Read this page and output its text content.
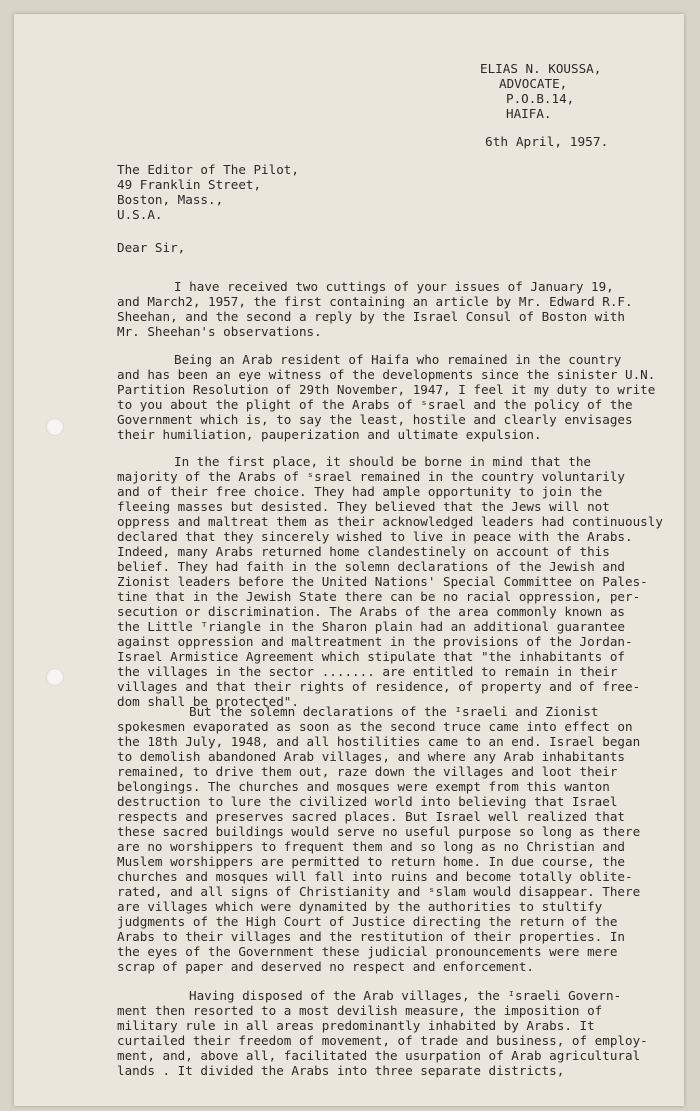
ELIAS N. KOUSSA,
ADVOCATE,
P.O.B.14,
HAIFA.
6th April, 1957.
The Editor of The Pilot,
49 Franklin Street,
Boston, Mass.,
U.S.A.
Dear Sir,
I have received two cuttings of your issues of January 19,
and March2, 1957, the first containing an article by Mr. Edward R.F.
Sheehan, and the second a reply by the Israel Consul of Boston with
Mr. Sheehan's observations.
Being an Arab resident of Haifa who remained in the country
and has been an eye witness of the developments since the sinister U.N.
Partition Resolution of 29th November, 1947, I feel it my duty to write
to you about the plight of the Arabs of ˢsrael and the policy of the
Government which is, to say the least, hostile and clearly envisages
their humiliation, pauperization and ultimate expulsion.
In the first place, it should be borne in mind that the
majority of the Arabs of ˢsrael remained in the country voluntarily
and of their free choice. They had ample opportunity to join the
fleeing masses but desisted. They believed that the Jews will not
oppress and maltreat them as their acknowledged leaders had continuously
declared that they sincerely wished to live in peace with the Arabs.
Indeed, many Arabs returned home clandestinely on account of this
belief. They had faith in the solemn declarations of the Jewish and
Zionist leaders before the United Nations' Special Committee on Pales-
tine that in the Jewish State there can be no racial oppression, per-
secution or discrimination. The Arabs of the area commonly known as
the Little ᵀriangle in the Sharon plain had an additional guarantee
against oppression and maltreatment in the provisions of the Jordan-
Israel Armistice Agreement which stipulate that "the inhabitants of
the villages in the sector ....... are entitled to remain in their
villages and that their rights of residence, of property and of free-
dom shall be protected".
But the solemn declarations of the ᴵsraeli and Zionist
spokesmen evaporated as soon as the second truce came into effect on
the 18th July, 1948, and all hostilities came to an end. Israel began
to demolish abandoned Arab villages, and where any Arab inhabitants
remained, to drive them out, raze down the villages and loot their
belongings. The churches and mosques were exempt from this wanton
destruction to lure the civilized world into believing that Israel
respects and preserves sacred places. But Israel well realized that
these sacred buildings would serve no useful purpose so long as there
are no worshippers to frequent them and so long as no Christian and
Muslem worshippers are permitted to return home. In due course, the
churches and mosques will fall into ruins and become totally oblite-
rated, and all signs of Christianity and ˢslam would disappear. There
are villages which were dynamited by the authorities to stultify
judgments of the High Court of Justice directing the return of the
Arabs to their villages and the restitution of their properties. In
the eyes of the Government these judicial pronouncements were mere
scrap of paper and deserved no respect and enforcement.
Having disposed of the Arab villages, the ᴵsraeli Govern-
ment then resorted to a most devilish measure, the imposition of
military rule in all areas predominantly inhabited by Arabs. It
curtailed their freedom of movement, of trade and business, of employ-
ment, and, above all, facilitated the usurpation of Arab agricultural
lands . It divided the Arabs into three separate districts,
